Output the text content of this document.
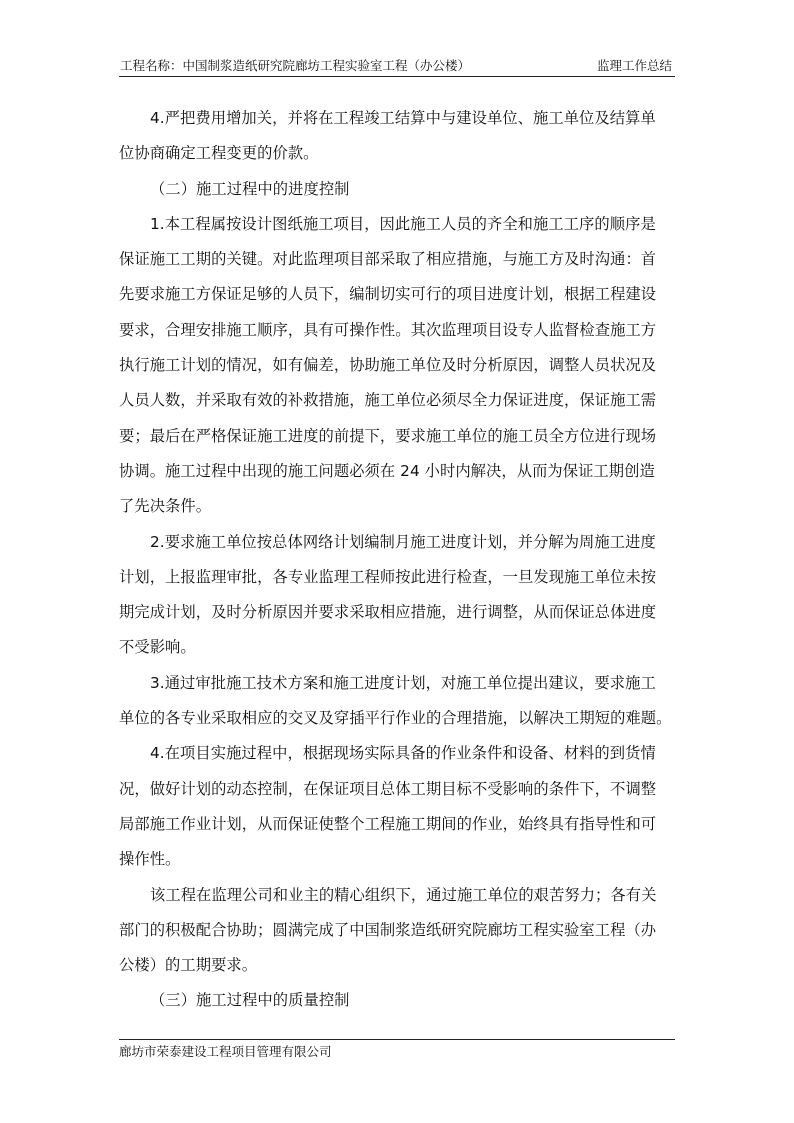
工程名称：中国制浆造纸研究院廊坊工程实验室工程（办公楼）	监理工作总结

4.严把费用增加关，并将在工程竣工结算中与建设单位、施工单位及结算单
位协商确定工程变更的价款。

（二）施工过程中的进度控制

1.本工程属按设计图纸施工项目，因此施工人员的齐全和施工工序的顺序是
保证施工工期的关键。对此监理项目部采取了相应措施，与施工方及时沟通：首
先要求施工方保证足够的人员下，编制切实可行的项目进度计划，根据工程建设
要求，合理安排施工顺序，具有可操作性。其次监理项目设专人监督检查施工方
执行施工计划的情况，如有偏差，协助施工单位及时分析原因，调整人员状况及
人员人数，并采取有效的补救措施，施工单位必须尽全力保证进度，保证施工需
要；最后在严格保证施工进度的前提下，要求施工单位的施工员全方位进行现场
协调。施工过程中出现的施工问题必须在 24 小时内解决，从而为保证工期创造
了先决条件。

2.要求施工单位按总体网络计划编制月施工进度计划，并分解为周施工进度
计划，上报监理审批，各专业监理工程师按此进行检查，一旦发现施工单位未按
期完成计划，及时分析原因并要求采取相应措施，进行调整，从而保证总体进度
不受影响。

3.通过审批施工技术方案和施工进度计划，对施工单位提出建议，要求施工
单位的各专业采取相应的交叉及穿插平行作业的合理措施，以解决工期短的难题。

4.在项目实施过程中，根据现场实际具备的作业条件和设备、材料的到货情
况，做好计划的动态控制，在保证项目总体工期目标不受影响的条件下，不调整
局部施工作业计划，从而保证使整个工程施工期间的作业，始终具有指导性和可
操作性。

该工程在监理公司和业主的精心组织下，通过施工单位的艰苦努力；各有关
部门的积极配合协助；圆满完成了中国制浆造纸研究院廊坊工程实验室工程（办
公楼）的工期要求。

（三）施工过程中的质量控制

廊坊市荣泰建设工程项目管理有限公司
